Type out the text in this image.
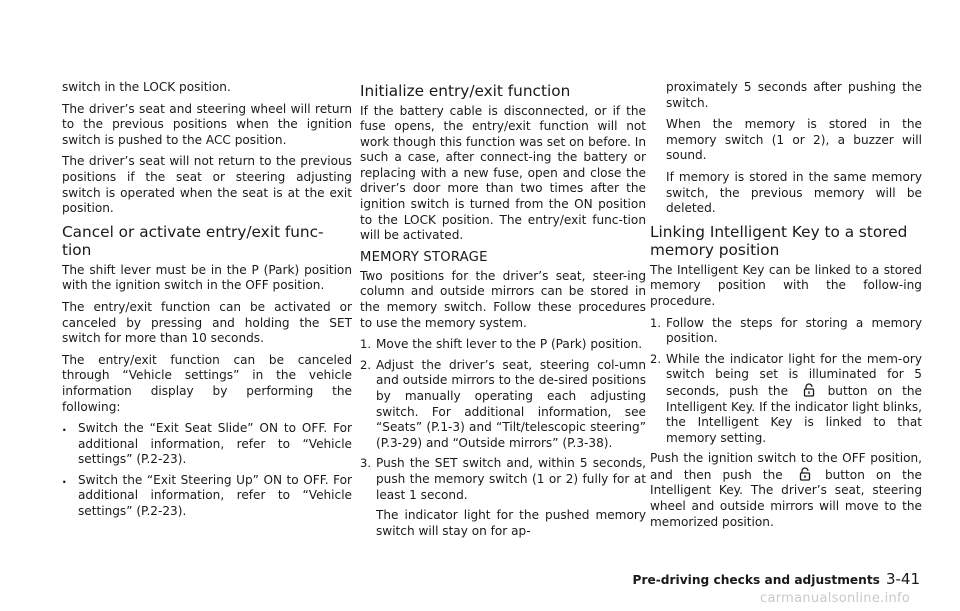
switch in the LOCK position.

The driver’s seat and steering wheel will return to the previous positions when the ignition switch is pushed to the ACC position.

The driver’s seat will not return to the previous positions if the seat or steering adjusting switch is operated when the seat is at the exit position.

Cancel or activate entry/exit func-tion

The shift lever must be in the P (Park) position with the ignition switch in the OFF position.

The entry/exit function can be activated or canceled by pressing and holding the SET switch for more than 10 seconds.

The entry/exit function can be canceled through “Vehicle settings” in the vehicle information display by performing the following:

. Switch the “Exit Seat Slide” ON to OFF. For additional information, refer to “Vehicle settings” (P.2-23).
. Switch the “Exit Steering Up” ON to OFF. For additional information, refer to “Vehicle settings” (P.2-23).
Initialize entry/exit function

If the battery cable is disconnected, or if the fuse opens, the entry/exit function will not work though this function was set on before. In such a case, after connect-ing the battery or replacing with a new fuse, open and close the driver’s door more than two times after the ignition switch is turned from the ON position to the LOCK position. The entry/exit func-tion will be activated.

MEMORY STORAGE

Two positions for the driver’s seat, steer-ing column and outside mirrors can be stored in the memory switch. Follow these procedures to use the memory system.

1. Move the shift lever to the P (Park) position.
2. Adjust the driver’s seat, steering col-umn and outside mirrors to the de-sired positions by manually operating each adjusting switch. For additional information, see “Seats” (P.1-3) and “Tilt/telescopic steering” (P.3-29) and “Outside mirrors” (P.3-38).
3. Push the SET switch and, within 5 seconds, push the memory switch (1 or 2) fully for at least 1 second.

The indicator light for the pushed memory switch will stay on for ap-

proximately 5 seconds after pushing the switch.

When the memory is stored in the memory switch (1 or 2), a buzzer will sound.

If memory is stored in the same memory switch, the previous memory will be deleted.

Linking Intelligent Key to a stored memory position

The Intelligent Key can be linked to a stored memory position with the follow-ing procedure.

1. Follow the steps for storing a memory position.
2. While the indicator light for the mem-ory switch being set is illuminated for 5 seconds, push the	button on the Intelligent Key. If the indicator light blinks, the Intelligent Key is linked to that memory setting.

Push the ignition switch to the OFF position, and then push the	button on the Intelligent Key. The driver’s seat, steering wheel and outside mirrors will move to the memorized position.

Pre-driving checks and adjustments 3-41
carmanualsonline.info
